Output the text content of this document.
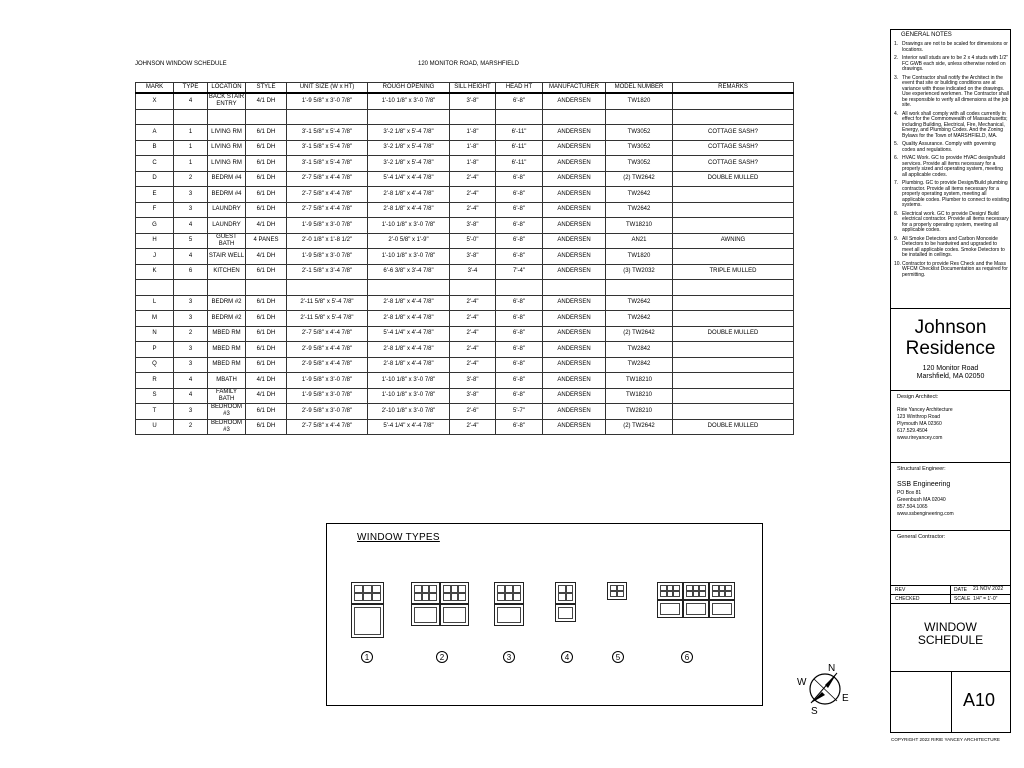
JOHNSON WINDOW SCHEDULE	120 MONITOR ROAD, MARSHFIELD
MARK	TYPE	LOCATION	STYLE	UNIT SIZE (W x HT)	ROUGH OPENING	SILL HEIGHT	HEAD HT	MANUFACTURER	MODEL NUMBER	REMARKS
X	4	BACK STAIR ENTRY	4/1 DH	1'-9 5/8" x 3'-0 7/8"	1'-10 1/8" x 3'-0 7/8"	3'-8"	6'-8"	ANDERSEN	TW1820	

A	1	LIVING RM	6/1 DH	3'-1 5/8" x 5'-4 7/8"	3'-2 1/8" x 5'-4 7/8"	1'-8"	6'-11"	ANDERSEN	TW3052	COTTAGE SASH?
B	1	LIVING RM	6/1 DH	3'-1 5/8" x 5'-4 7/8"	3'-2 1/8" x 5'-4 7/8"	1'-8"	6'-11"	ANDERSEN	TW3052	COTTAGE SASH?
C	1	LIVING RM	6/1 DH	3'-1 5/8" x 5'-4 7/8"	3'-2 1/8" x 5'-4 7/8"	1'-8"	6'-11"	ANDERSEN	TW3052	COTTAGE SASH?
D	2	BEDRM #4	6/1 DH	2'-7 5/8" x 4'-4 7/8"	5'-4 1/4" x 4'-4 7/8"	2'-4"	6'-8"	ANDERSEN	(2) TW2642	DOUBLE MULLED
E	3	BEDRM #4	6/1 DH	2'-7 5/8" x 4'-4 7/8"	2'-8 1/8" x 4'-4 7/8"	2'-4"	6'-8"	ANDERSEN	TW2642	
F	3	LAUNDRY	6/1 DH	2'-7 5/8" x 4'-4 7/8"	2'-8 1/8" x 4'-4 7/8"	2'-4"	6'-8"	ANDERSEN	TW2642	
G	4	LAUNDRY	4/1 DH	1'-9 5/8" x 3'-0 7/8"	1'-10 1/8" x 3'-0 7/8"	3'-8"	6'-8"	ANDERSEN	TW18210	
H	5	GUEST BATH	4 PANES	2'-0 1/8" x 1'-8 1/2"	2'-0 5/8" x 1'-9"	5'-0"	6'-8"	ANDERSEN	AN21	AWNING
J	4	STAIR WELL	4/1 DH	1'-9 5/8" x 3'-0 7/8"	1'-10 1/8" x 3'-0 7/8"	3'-8"	6'-8"	ANDERSEN	TW1820	
K	6	KITCHEN	6/1 DH	2'-1 5/8" x 3'-4 7/8"	6'-6 3/8" x 3'-4 7/8"	3'-4	7'-4"	ANDERSEN	(3) TW2032	TRIPLE MULLED

L	3	BEDRM #2	6/1 DH	2'-11 5/8" x 5'-4 7/8"	2'-8 1/8" x 4'-4 7/8"	2'-4"	6'-8"	ANDERSEN	TW2642	
M	3	BEDRM #2	6/1 DH	2'-11 5/8" x 5'-4 7/8"	2'-8 1/8" x 4'-4 7/8"	2'-4"	6'-8"	ANDERSEN	TW2642	
N	2	MBED RM	6/1 DH	2'-7 5/8" x 4'-4 7/8"	5'-4 1/4" x 4'-4 7/8"	2'-4"	6'-8"	ANDERSEN	(2) TW2642	DOUBLE MULLED
P	3	MBED RM	6/1 DH	2'-9 5/8" x 4'-4 7/8"	2'-8 1/8" x 4'-4 7/8"	2'-4"	6'-8"	ANDERSEN	TW2842	
Q	3	MBED RM	6/1 DH	2'-9 5/8" x 4'-4 7/8"	2'-8 1/8" x 4'-4 7/8"	2'-4"	6'-8"	ANDERSEN	TW2842	
R	4	MBATH	4/1 DH	1'-9 5/8" x 3'-0 7/8"	1'-10 1/8" x 3'-0 7/8"	3'-8"	6'-8"	ANDERSEN	TW18210	
S	4	FAMILY BATH	4/1 DH	1'-9 5/8" x 3'-0 7/8"	1'-10 1/8" x 3'-0 7/8"	3'-8"	6'-8"	ANDERSEN	TW18210	
T	3	BEDROOM #3	6/1 DH	2'-9 5/8" x 3'-0 7/8"	2'-10 1/8" x 3'-0 7/8"	2'-6"	5'-7"	ANDERSEN	TW28210	
U	2	BEDROOM #3	6/1 DH	2'-7 5/8" x 4'-4 7/8"	5'-4 1/4" x 4'-4 7/8"	2'-4"	6'-8"	ANDERSEN	(2) TW2642	DOUBLE MULLED
WINDOW TYPES
1	2	3	4	5	6
N
E
S
W
GENERAL NOTES
1. Drawings are not to be scaled for dimensions or locations.
2. Interior wall studs are to be 2 x 4 studs with 1/2" FC GWB each side, unless otherwise noted on drawings.
3. The Contractor shall notify the Architect in the event that site or building conditions are at variance with those indicated on the drawings. Use experienced workmen. The Contractor shall be responsible to verify all dimensions at the job site.
4. All work shall comply with all codes currently in effect for the Commonwealth of Massachusetts; including Building, Electrical, Fire, Mechanical, Energy, and Plumbing Codes. And the Zoning Bylaws for the Town of MARSHFIELD, MA.
5. Quality Assurance. Comply with governing codes and regulations.
6. HVAC Work. GC to provide HVAC design/build services. Provide all items necessary for a properly sized and operating system, meeting all applicable codes.
7. Plumbing. GC to provide Design/Build plumbing contractor. Provide all items necessary for a properly operating system, meeting all applicable codes. Plumber to connect to existing systems.
8. Electrical work. GC to provide Design/ Build electrical contractor. Provide all items necessary for a properly operating system, meeting all applicable codes.
9. All Smoke Detectors and Carbon Monoxide Detectors to be hardwired and upgraded to meet all applicable codes. Smoke Detectors to be installed in ceilings.
10. Contractor to provide Res Check and the Mass WFCM Checklist Documentation as required for permitting.
Johnson
Residence
120 Monitor Road
Marshfield, MA 02050
Design Architect:
Ririe Yancey Architecture
123 Winthrop Road
Plymouth MA 02360
617.529.4504
www.rireyancey.com
Structural Engineer:
SSB Engineering
PO Box 81
Greenbush MA 02040
857.504.1065
www.ssbengineering.com
General Contractor:
REV
CHECKED
DATE 21 NOV 2022
SCALE 1/4" = 1'-0"
WINDOW
SCHEDULE
A10
COPYRIGHT 2022 RIRIE YANCEY ARCHITECTURE
